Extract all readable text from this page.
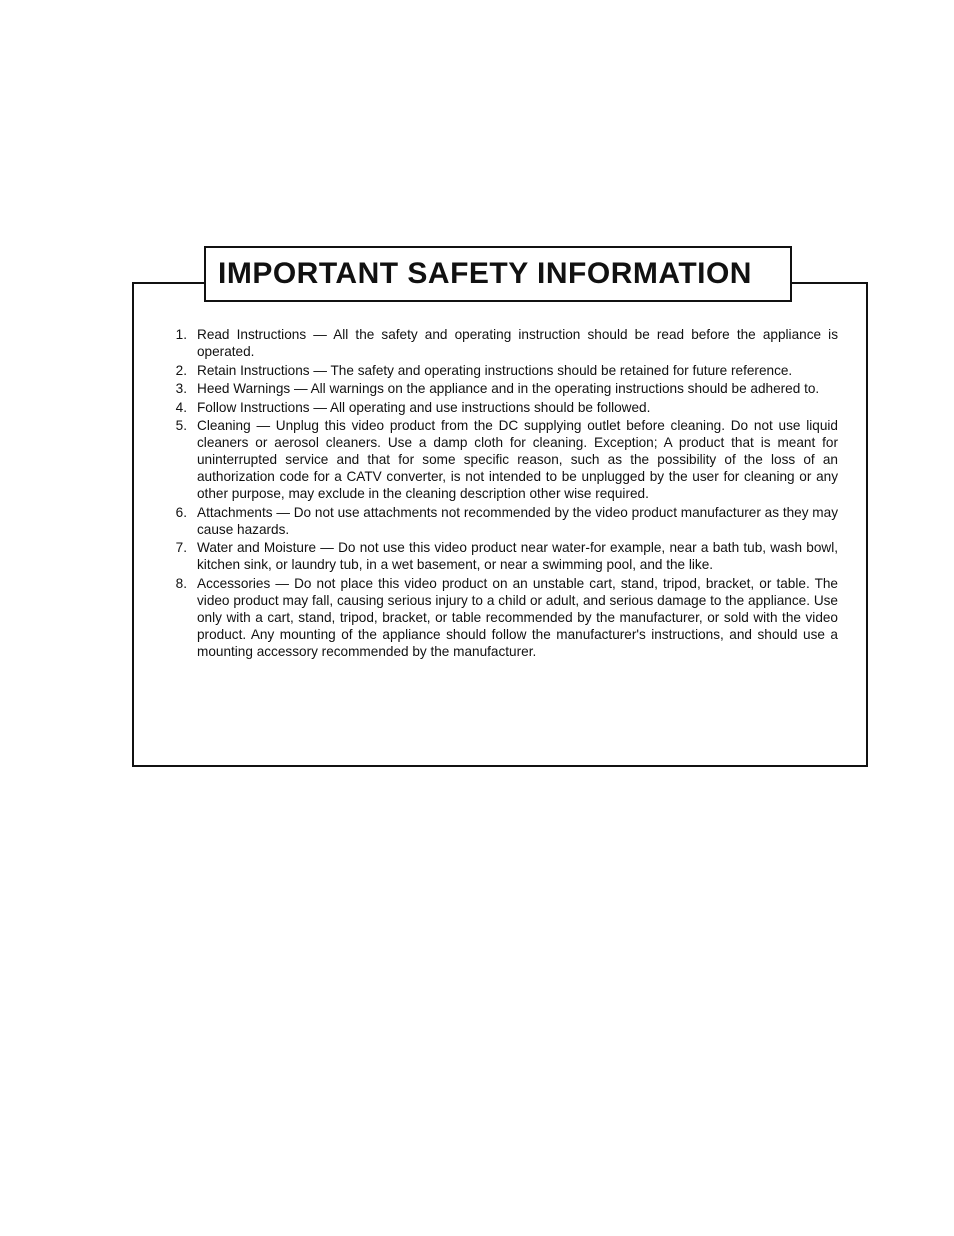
IMPORTANT SAFETY INFORMATION
1. Read Instructions — All the safety and operating instruction should be read before the appliance is operated.
2. Retain Instructions — The safety and operating instructions should be retained for future reference.
3. Heed Warnings — All warnings on the appliance and in the operating instructions should be adhered to.
4. Follow Instructions — All operating and use instructions should be followed.
5. Cleaning — Unplug this video product from the DC supplying outlet before cleaning. Do not use liquid cleaners or aerosol cleaners. Use a damp cloth for cleaning. Exception; A product that is meant for uninterrupted service and that for some specific reason, such as the possibility of the loss of an authorization code for a CATV converter, is not intended to be unplugged by the user for cleaning or any other purpose, may exclude in the cleaning description other wise required.
6. Attachments — Do not use attachments not recommended by the video product manufacturer as they may cause hazards.
7. Water and Moisture — Do not use this video product near water-for example, near a bath tub, wash bowl, kitchen sink, or laundry tub, in a wet basement, or near a swimming pool, and the like.
8. Accessories — Do not place this video product on an unstable cart, stand, tripod, bracket, or table. The video product may fall, causing serious injury to a child or adult, and serious damage to the appliance. Use only with a cart, stand, tripod, bracket, or table recommended by the manufacturer, or sold with the video product. Any mounting of the appliance should follow the manufacturer's instructions, and should use a mounting accessory recommended by the manufacturer.
